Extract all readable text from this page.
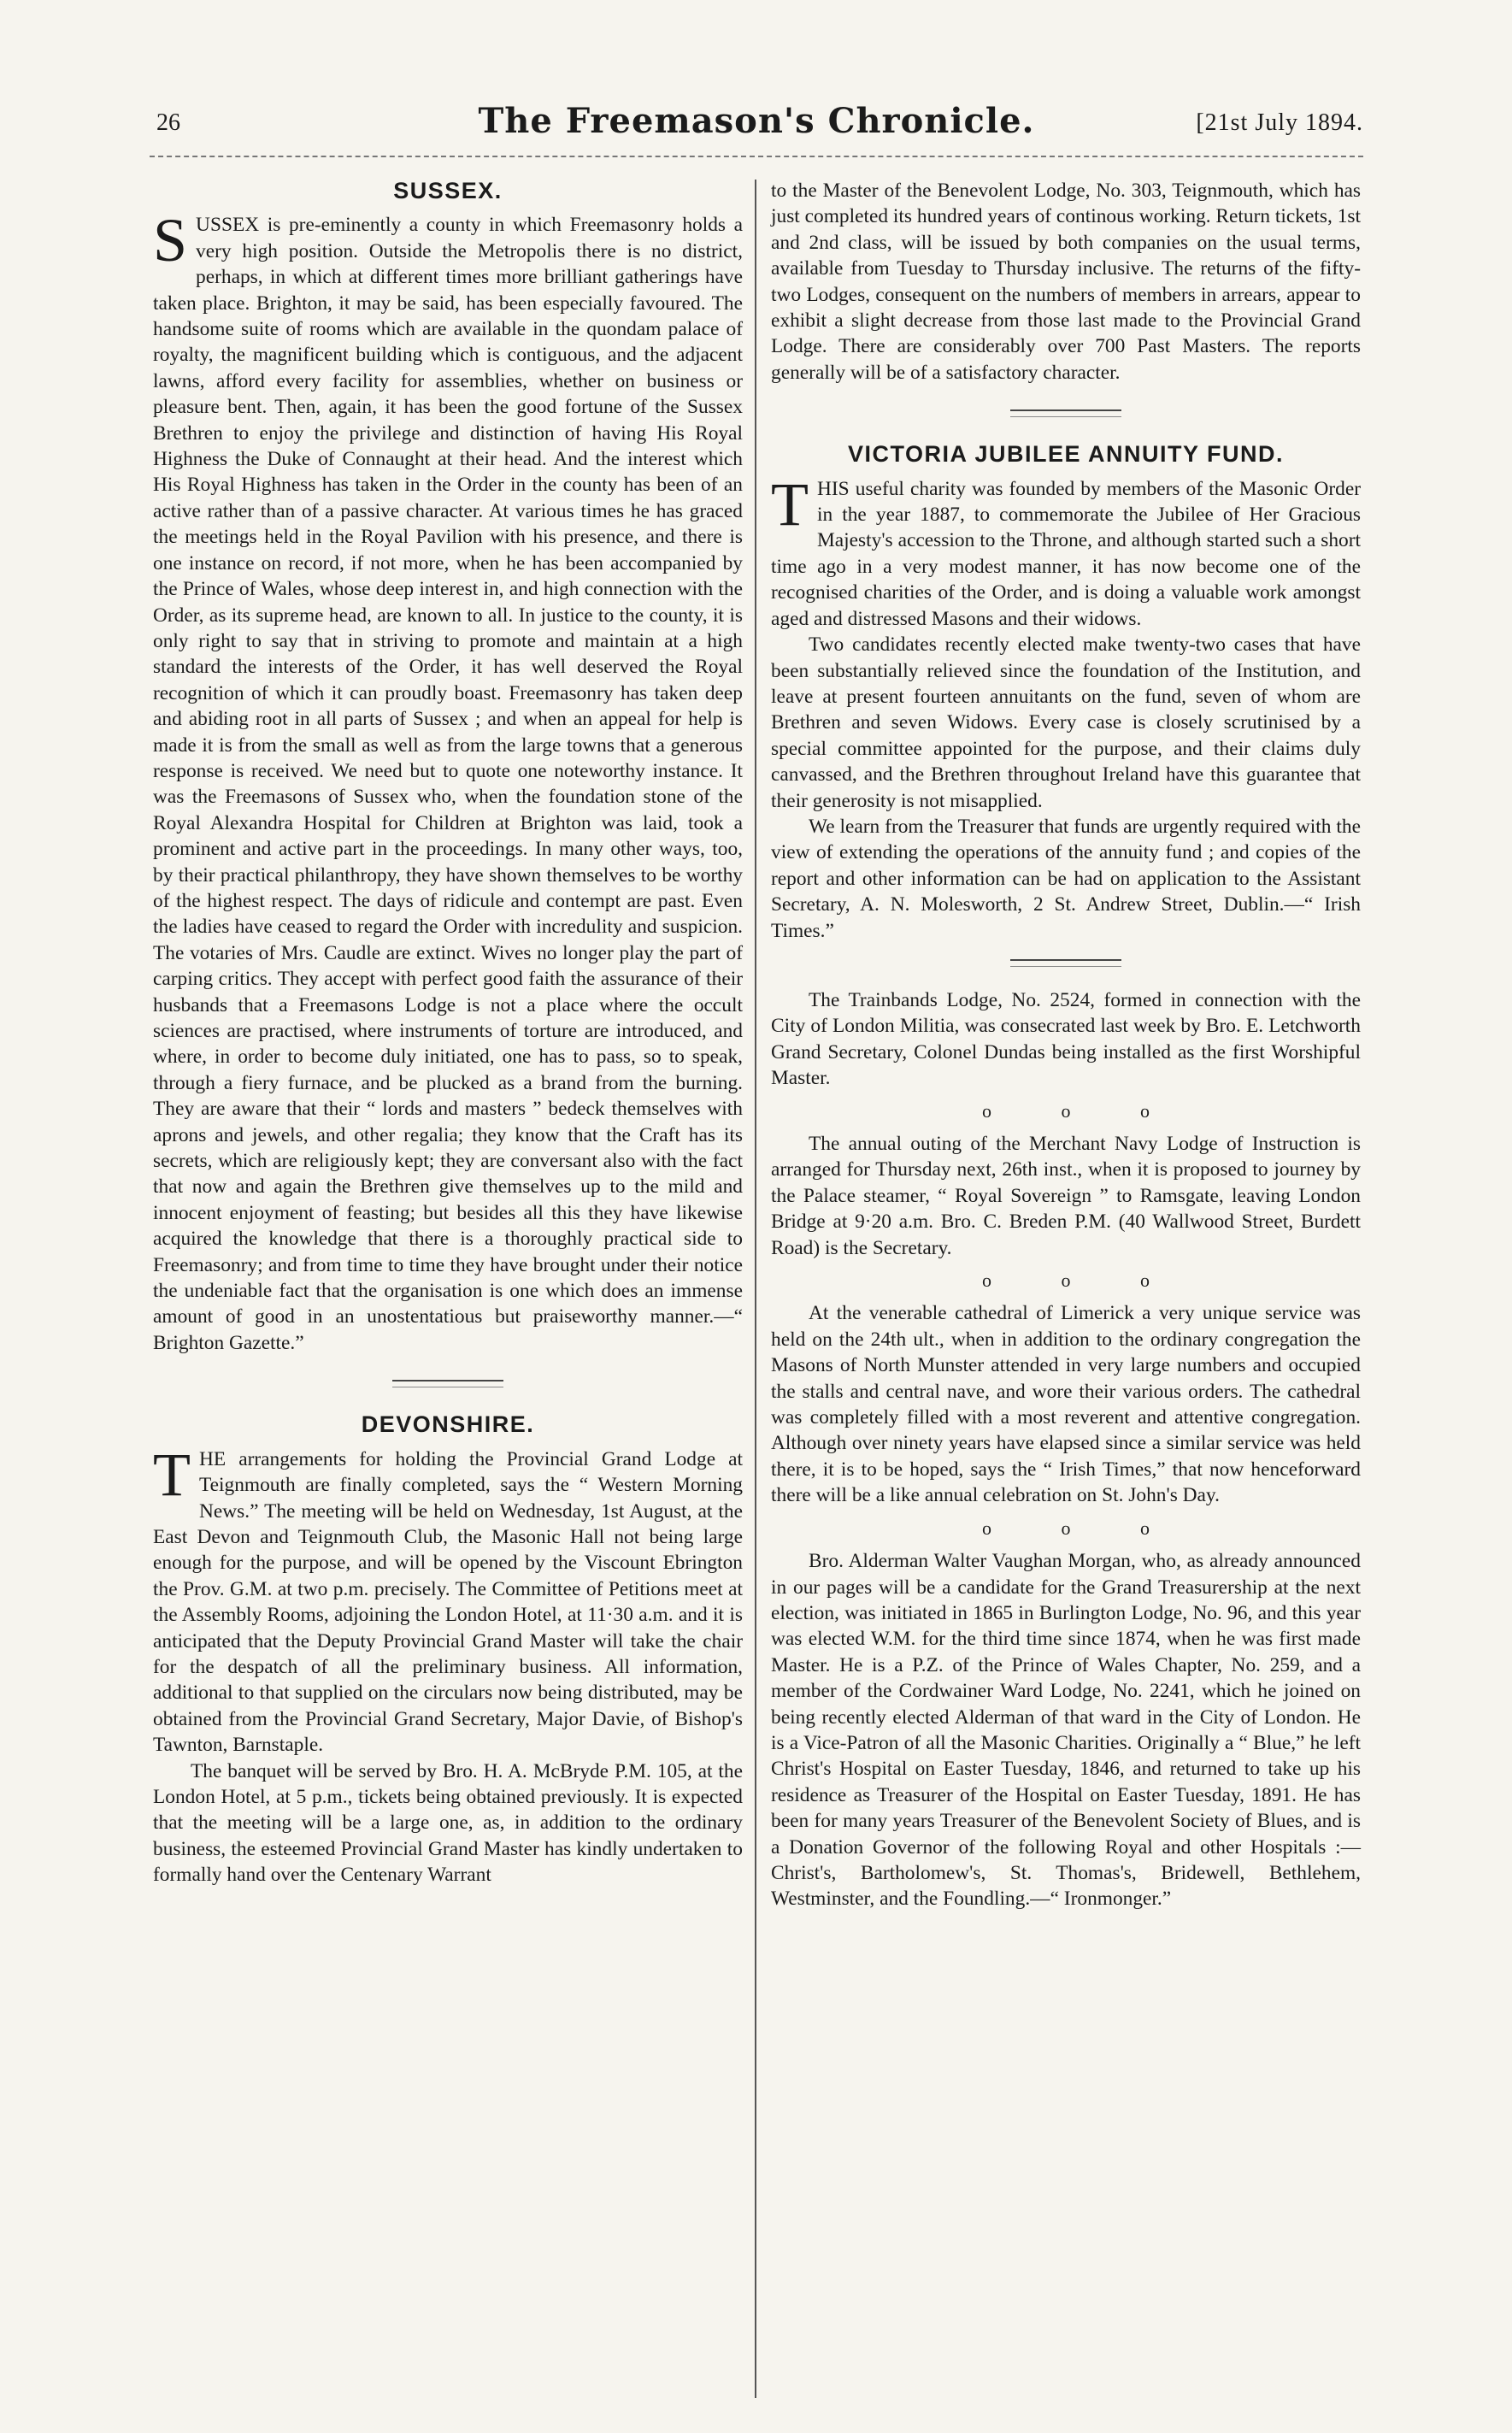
26	The Freemason's Chronicle.	[21st July 1894.
SUSSEX.

SUSSEX is pre-eminently a county in which Freemasonry holds a very high position. Outside the Metropolis there is no district, perhaps, in which at different times more brilliant gatherings have taken place. Brighton, it may be said, has been especially favoured. The handsome suite of rooms which are available in the quondam palace of royalty, the magnificent building which is contiguous, and the adjacent lawns, afford every facility for assemblies, whether on business or pleasure bent. Then, again, it has been the good fortune of the Sussex Brethren to enjoy the privilege and distinction of having His Royal Highness the Duke of Connaught at their head. And the interest which His Royal Highness has taken in the Order in the county has been of an active rather than of a passive character. At various times he has graced the meetings held in the Royal Pavilion with his presence, and there is one instance on record, if not more, when he has been accompanied by the Prince of Wales, whose deep interest in, and high connection with the Order, as its supreme head, are known to all. In justice to the county, it is only right to say that in striving to promote and maintain at a high standard the interests of the Order, it has well deserved the Royal recognition of which it can proudly boast. Freemasonry has taken deep and abiding root in all parts of Sussex ; and when an appeal for help is made it is from the small as well as from the large towns that a generous response is received. We need but to quote one noteworthy instance. It was the Freemasons of Sussex who, when the foundation stone of the Royal Alexandra Hospital for Children at Brighton was laid, took a prominent and active part in the proceedings. In many other ways, too, by their practical philanthropy, they have shown themselves to be worthy of the highest respect. The days of ridicule and contempt are past. Even the ladies have ceased to regard the Order with incredulity and suspicion. The votaries of Mrs. Caudle are extinct. Wives no longer play the part of carping critics. They accept with perfect good faith the assurance of their husbands that a Freemasons Lodge is not a place where the occult sciences are practised, where instruments of torture are introduced, and where, in order to become duly initiated, one has to pass, so to speak, through a fiery furnace, and be plucked as a brand from the burning. They are aware that their “ lords and masters ” bedeck themselves with aprons and jewels, and other regalia; they know that the Craft has its secrets, which are religiously kept; they are conversant also with the fact that now and again the Brethren give themselves up to the mild and innocent enjoyment of feasting; but besides all this they have likewise acquired the knowledge that there is a thoroughly practical side to Freemasonry; and from time to time they have brought under their notice the undeniable fact that the organisation is one which does an immense amount of good in an unostentatious but praiseworthy manner.—“ Brighton Gazette.”

DEVONSHIRE.

THE arrangements for holding the Provincial Grand Lodge at Teignmouth are finally completed, says the “ Western Morning News.” The meeting will be held on Wednesday, 1st August, at the East Devon and Teignmouth Club, the Masonic Hall not being large enough for the purpose, and will be opened by the Viscount Ebrington the Prov. G.M. at two p.m. precisely. The Committee of Petitions meet at the Assembly Rooms, adjoining the London Hotel, at 11·30 a.m. and it is anticipated that the Deputy Provincial Grand Master will take the chair for the despatch of all the preliminary business. All information, additional to that supplied on the circulars now being distributed, may be obtained from the Provincial Grand Secretary, Major Davie, of Bishop's Tawnton, Barnstaple.

The banquet will be served by Bro. H. A. McBryde P.M. 105, at the London Hotel, at 5 p.m., tickets being obtained previously. It is expected that the meeting will be a large one, as, in addition to the ordinary business, the esteemed Provincial Grand Master has kindly undertaken to formally hand over the Centenary Warrant

to the Master of the Benevolent Lodge, No. 303, Teignmouth, which has just completed its hundred years of continous working. Return tickets, 1st and 2nd class, will be issued by both companies on the usual terms, available from Tuesday to Thursday inclusive. The returns of the fifty-two Lodges, consequent on the numbers of members in arrears, appear to exhibit a slight decrease from those last made to the Provincial Grand Lodge. There are considerably over 700 Past Masters. The reports generally will be of a satisfactory character.

VICTORIA JUBILEE ANNUITY FUND.

THIS useful charity was founded by members of the Masonic Order in the year 1887, to commemorate the Jubilee of Her Gracious Majesty's accession to the Throne, and although started such a short time ago in a very modest manner, it has now become one of the recognised charities of the Order, and is doing a valuable work amongst aged and distressed Masons and their widows.

Two candidates recently elected make twenty-two cases that have been substantially relieved since the foundation of the Institution, and leave at present fourteen annuitants on the fund, seven of whom are Brethren and seven Widows. Every case is closely scrutinised by a special committee appointed for the purpose, and their claims duly canvassed, and the Brethren throughout Ireland have this guarantee that their generosity is not misapplied.

We learn from the Treasurer that funds are urgently required with the view of extending the operations of the annuity fund ; and copies of the report and other information can be had on application to the Assistant Secretary, A. N. Molesworth, 2 St. Andrew Street, Dublin.—“ Irish Times.”

The Trainbands Lodge, No. 2524, formed in connection with the City of London Militia, was consecrated last week by Bro. E. Letchworth Grand Secretary, Colonel Dundas being installed as the first Worshipful Master.

o o o

The annual outing of the Merchant Navy Lodge of Instruction is arranged for Thursday next, 26th inst., when it is proposed to journey by the Palace steamer, “ Royal Sovereign ” to Ramsgate, leaving London Bridge at 9·20 a.m. Bro. C. Breden P.M. (40 Wallwood Street, Burdett Road) is the Secretary.

o o o

At the venerable cathedral of Limerick a very unique service was held on the 24th ult., when in addition to the ordinary congregation the Masons of North Munster attended in very large numbers and occupied the stalls and central nave, and wore their various orders. The cathedral was completely filled with a most reverent and attentive congregation. Although over ninety years have elapsed since a similar service was held there, it is to be hoped, says the “ Irish Times,” that now henceforward there will be a like annual celebration on St. John's Day.

o o o

Bro. Alderman Walter Vaughan Morgan, who, as already announced in our pages will be a candidate for the Grand Treasurership at the next election, was initiated in 1865 in Burlington Lodge, No. 96, and this year was elected W.M. for the third time since 1874, when he was first made Master. He is a P.Z. of the Prince of Wales Chapter, No. 259, and a member of the Cordwainer Ward Lodge, No. 2241, which he joined on being recently elected Alderman of that ward in the City of London. He is a Vice-Patron of all the Masonic Charities. Originally a “ Blue,” he left Christ's Hospital on Easter Tuesday, 1846, and returned to take up his residence as Treasurer of the Hospital on Easter Tuesday, 1891. He has been for many years Treasurer of the Benevolent Society of Blues, and is a Donation Governor of the following Royal and other Hospitals :—Christ's, Bartholomew's, St. Thomas's, Bridewell, Bethlehem, Westminster, and the Foundling.—“ Ironmonger.”
